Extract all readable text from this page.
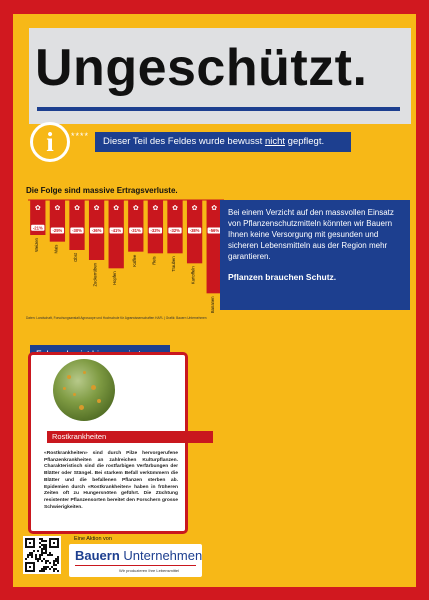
Ungeschützt.
i	****	Dieser Teil des Feldes wurde bewusst nicht gepflegt.
Die Folge sind massive Ertragsverluste.
✿
-21%
Weizen
✿
-25%
Mais
✿
-30%
Obst
✿
-36%
Zuckerrüben
✿
-41%
Hopfen
✿
-31%
Kaffee
✿
-32%
Reis
✿
-32%
Trauben
✿
-38%
Kartoffeln
✿
-56%
Bananen
Daten: Landschaft, Forschungsanstalt Agroscope und Hochschule für Agrarwissenschaften HAFL | Grafik: Bauern Unternehmen

Bei einem Verzicht auf den massvollen Einsatz von Pflanzenschutzmitteln könnten wir Bauern Ihnen keine Versorgung mit gesunden und sicheren Lebensmitteln aus der Region mehr garantieren.

Pflanzen brauchen Schutz.

Rostkrankheiten
«Rostkrankheiten» sind durch Pilze hervorgerufene Pflanzenkrankheiten an zahlreichen Kulturpflanzen. Charakteristisch sind die rostfarbigen Verfärbungen der Blätter oder Stängel. Bei starkem Befall verkümmern die Blätter und die befallenen Pflanzen sterben ab. Epidemien durch «Rostkrankheiten» haben in früheren Zeiten oft zu Hungersnöten geführt. Die Züchtung resistenter Pflanzensorten bereitet den Forschern grosse Schwierigkeiten.
Eine Aktion von
Bauern Unternehmen
Wir produzieren Ihre Lebensmittel
